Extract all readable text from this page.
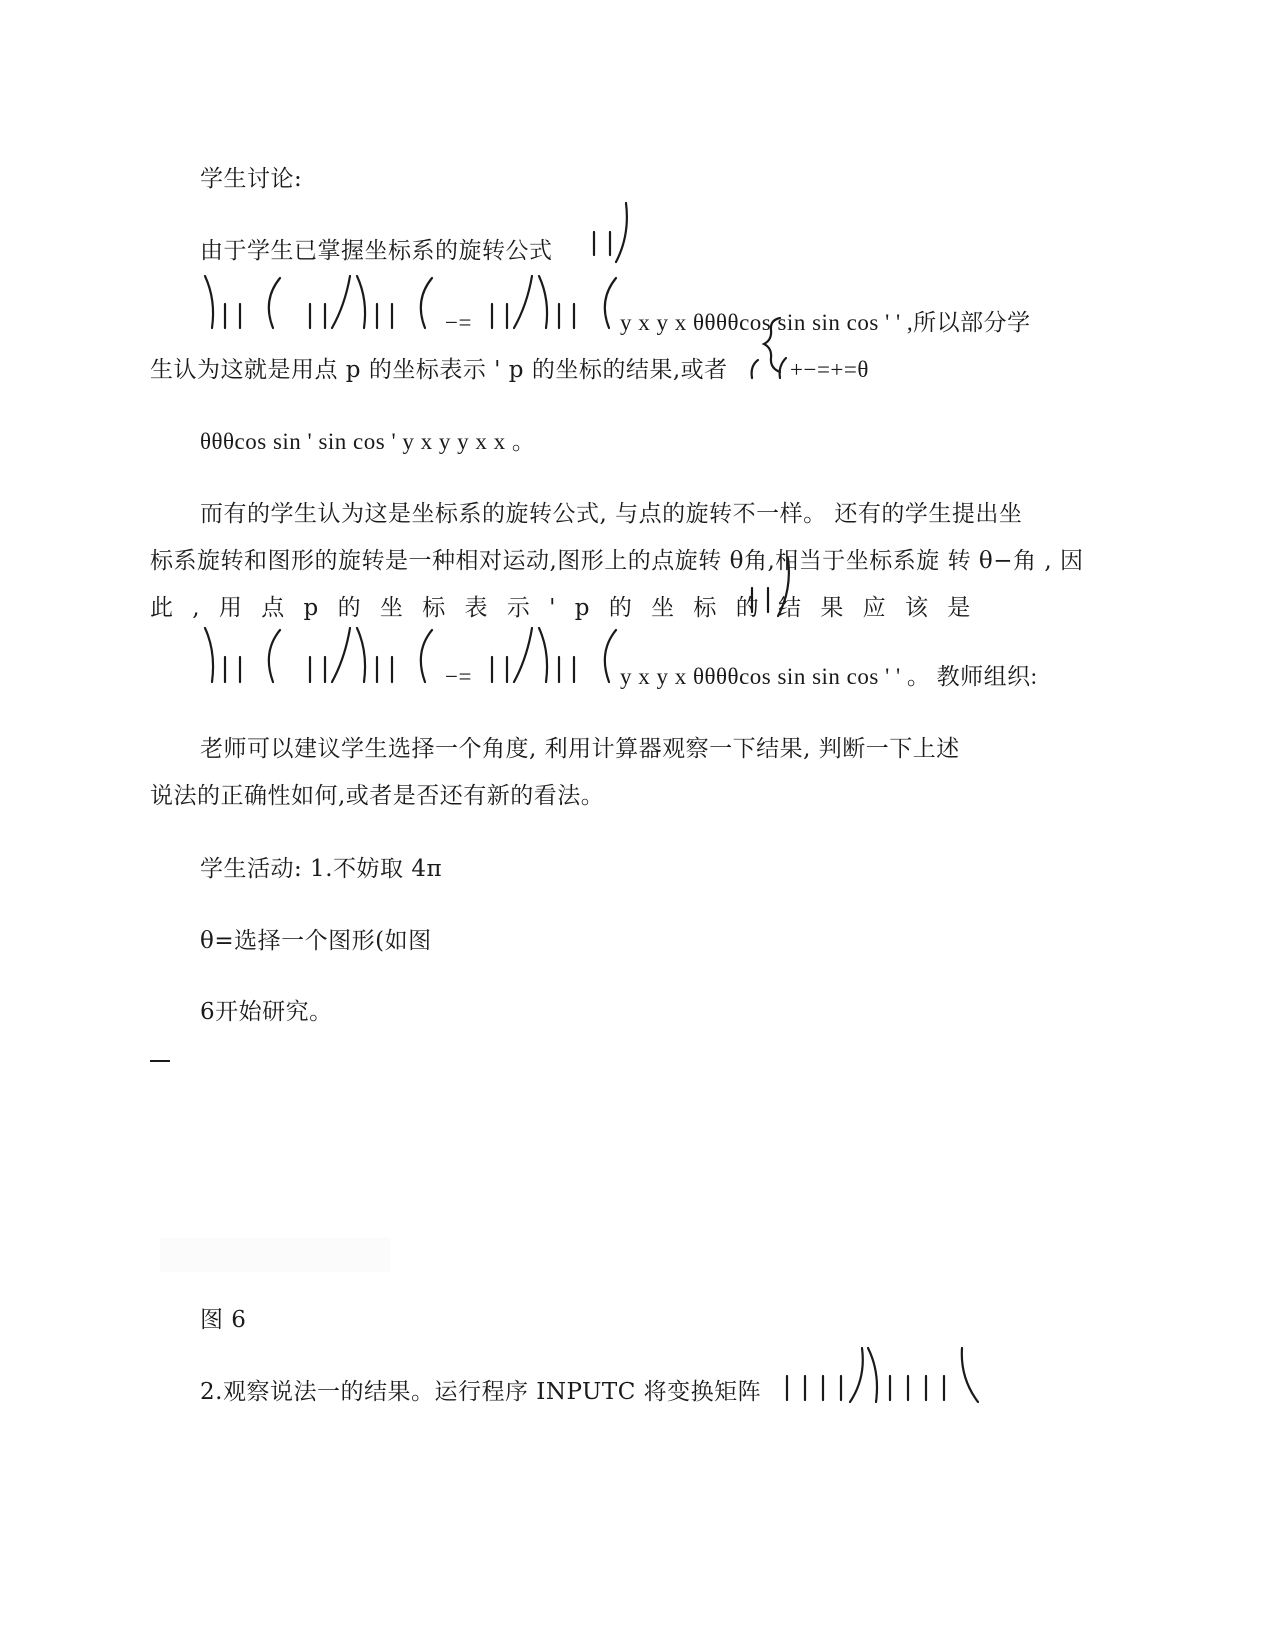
学生讨论:
由于学生已掌握坐标系的旋转公式
−=	y x y x θθθθcos sin sin cos ' ' ,所以部分学
生认为这就是用点 p 的坐标表示 ' p 的坐标的结果,或者	+−=+=θ
θθθcos sin ' sin cos ' y x y y x x 。
而有的学生认为这是坐标系的旋转公式, 与点的旋转不一样。 还有的学生提出坐
标系旋转和图形的旋转是一种相对运动,图形上的点旋转 θ角,相当于坐标系旋 转 θ−角 , 因
此 , 用 点 p 的 坐 标 表 示 ' p 的 坐 标 的 结 果 应 该 是
−=	y x y x θθθθcos sin sin cos ' ' 。 教师组织:
老师可以建议学生选择一个角度, 利用计算器观察一下结果, 判断一下上述
说法的正确性如何,或者是否还有新的看法。
学生活动: 1.不妨取 4π
θ=选择一个图形(如图
6开始研究。
图 6
2.观察说法一的结果。运行程序 INPUTC 将变换矩阵
